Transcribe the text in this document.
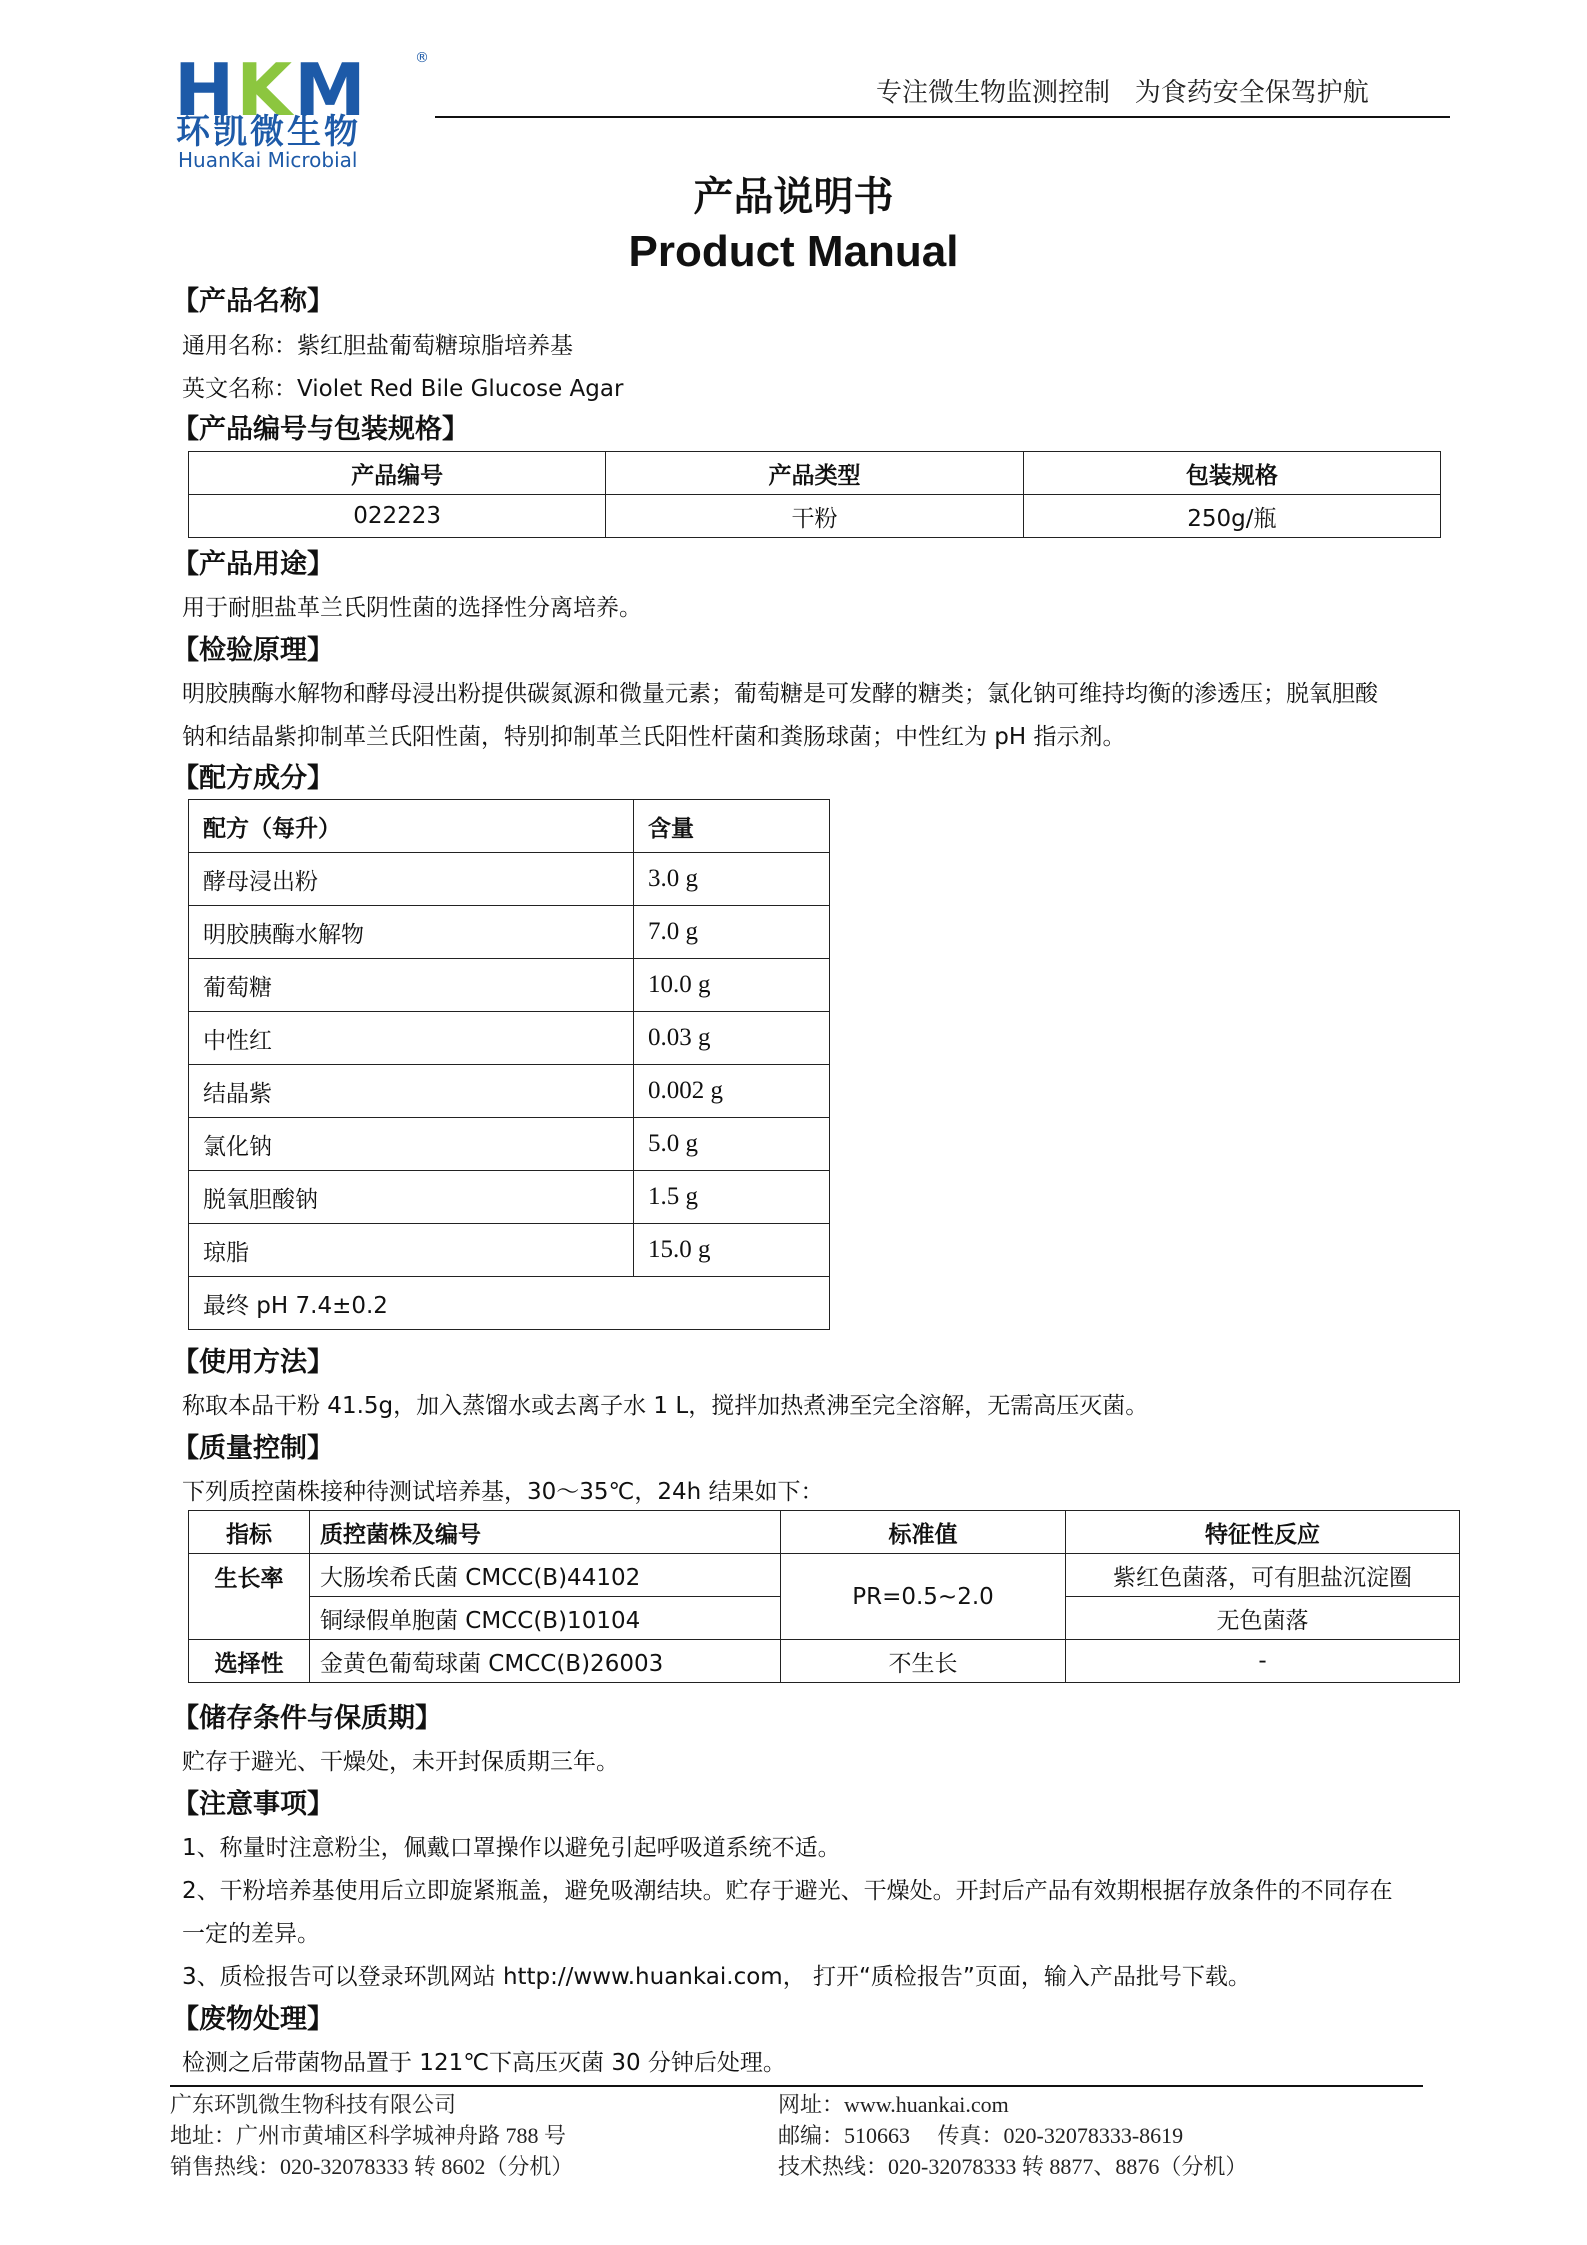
HKM	®
环凯微生物
HuanKai Microbial
专注微生物监测控制   为食药安全保驾护航
产品说明书
Product Manual
【产品名称】
通用名称：紫红胆盐葡萄糖琼脂培养基
英文名称：Violet Red Bile Glucose Agar
【产品编号与包装规格】
产品编号	产品类型	包装规格
022223	干粉	250g/瓶
【产品用途】
用于耐胆盐革兰氏阴性菌的选择性分离培养。
【检验原理】
明胶胰酶水解物和酵母浸出粉提供碳氮源和微量元素；葡萄糖是可发酵的糖类；氯化钠可维持均衡的渗透压；脱氧胆酸
钠和结晶紫抑制革兰氏阳性菌，特别抑制革兰氏阳性杆菌和粪肠球菌；中性红为 pH 指示剂。
【配方成分】
配方（每升）	含量
酵母浸出粉	3.0 g
明胶胰酶水解物	7.0 g
葡萄糖	10.0 g
中性红	0.03 g
结晶紫	0.002 g
氯化钠	5.0 g
脱氧胆酸钠	1.5 g
琼脂	15.0 g
最终 pH 7.4±0.2	
【使用方法】
称取本品干粉 41.5g，加入蒸馏水或去离子水 1 L，搅拌加热煮沸至完全溶解，无需高压灭菌。
【质量控制】
下列质控菌株接种待测试培养基，30～35℃，24h 结果如下：
指标	质控菌株及编号	标准值	特征性反应
生长率	大肠埃希氏菌 CMCC(B)44102	PR=0.5~2.0	紫红色菌落，可有胆盐沉淀圈
	铜绿假单胞菌 CMCC(B)10104		无色菌落
选择性	金黄色葡萄球菌 CMCC(B)26003	不生长	-
【储存条件与保质期】
贮存于避光、干燥处，未开封保质期三年。
【注意事项】
1、称量时注意粉尘，佩戴口罩操作以避免引起呼吸道系统不适。
2、干粉培养基使用后立即旋紧瓶盖，避免吸潮结块。贮存于避光、干燥处。开封后产品有效期根据存放条件的不同存在
一定的差异。
3、质检报告可以登录环凯网站 http://www.huankai.com， 打开“质检报告”页面，输入产品批号下载。
【废物处理】
检测之后带菌物品置于 121℃下高压灭菌 30 分钟后处理。
广东环凯微生物科技有限公司
地址：广州市黄埔区科学城神舟路 788 号
销售热线：020-32078333 转 8602（分机）
网址：www.huankai.com
邮编：510663     传真：020-32078333-8619
技术热线：020-32078333 转 8877、8876（分机）
